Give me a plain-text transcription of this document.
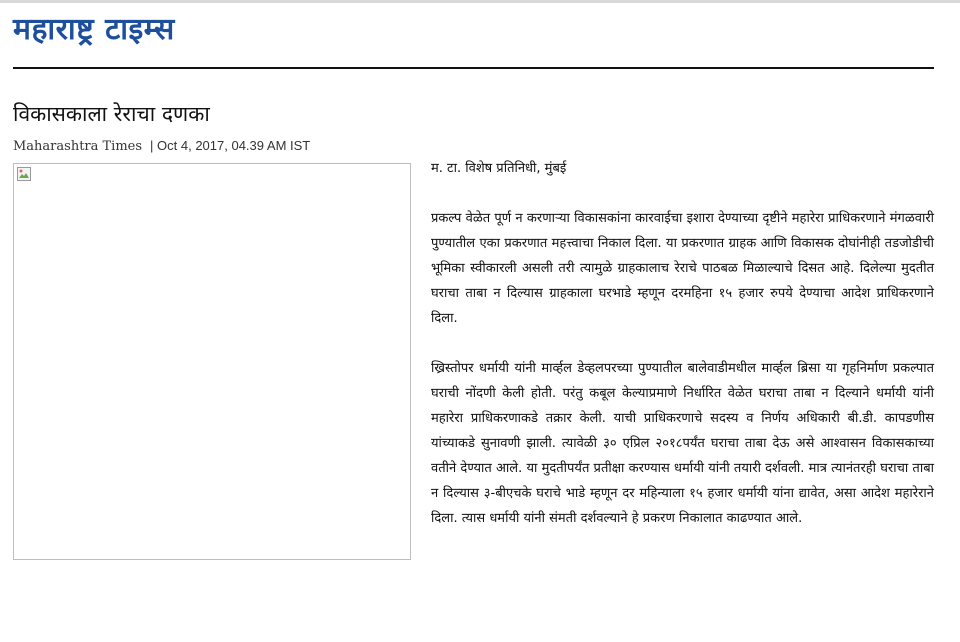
महाराष्ट्र टाइम्स
विकासकाला रेराचा दणका
Maharashtra Times | Oct 4, 2017, 04.39 AM IST

म. टा. विशेष प्रतिनिधी, मुंबई

प्रकल्प वेळेत पूर्ण न करणाऱ्या विकासकांना कारवाईचा इशारा देण्याच्या दृष्टीने महारेरा प्राधिकरणाने मंगळवारी पुण्यातील एका प्रकरणात महत्त्वाचा निकाल दिला. या प्रकरणात ग्राहक आणि विकासक दोघांनीही तडजोडीची भूमिका स्वीकारली असली तरी त्यामुळे ग्राहकालाच रेराचे पाठबळ मिळाल्याचे दिसत आहे. दिलेल्या मुदतीत घराचा ताबा न दिल्यास ग्राहकाला घरभाडे म्हणून दरमहिना १५ हजार रुपये देण्याचा आदेश प्राधिकरणाने दिला.

ख्रिस्तोपर धर्मायी यांनी मार्व्हल डेव्हलपरच्या पुण्यातील बालेवाडीमधील मार्व्हल ब्रिसा या गृहनिर्माण प्रकल्पात घराची नोंदणी केली होती. परंतु कबूल केल्याप्रमाणे निर्धारित वेळेत घराचा ताबा न दिल्याने धर्मायी यांनी महारेरा प्राधिकरणाकडे तक्रार केली. याची प्राधिकरणाचे सदस्य व निर्णय अधिकारी बी.डी. कापडणीस यांच्याकडे सुनावणी झाली. त्यावेळी ३० एप्रिल २०१८पर्यंत घराचा ताबा देऊ असे आश्वासन विकासकाच्या वतीने देण्यात आले. या मुदतीपर्यंत प्रतीक्षा करण्यास धर्मायी यांनी तयारी दर्शवली. मात्र त्यानंतरही घराचा ताबा न दिल्यास ३-बीएचके घराचे भाडे म्हणून दर महिन्याला १५ हजार धर्मायी यांना द्यावेत, असा आदेश महारेराने दिला. त्यास धर्मायी यांनी संमती दर्शवल्याने हे प्रकरण निकालात काढण्यात आले.
